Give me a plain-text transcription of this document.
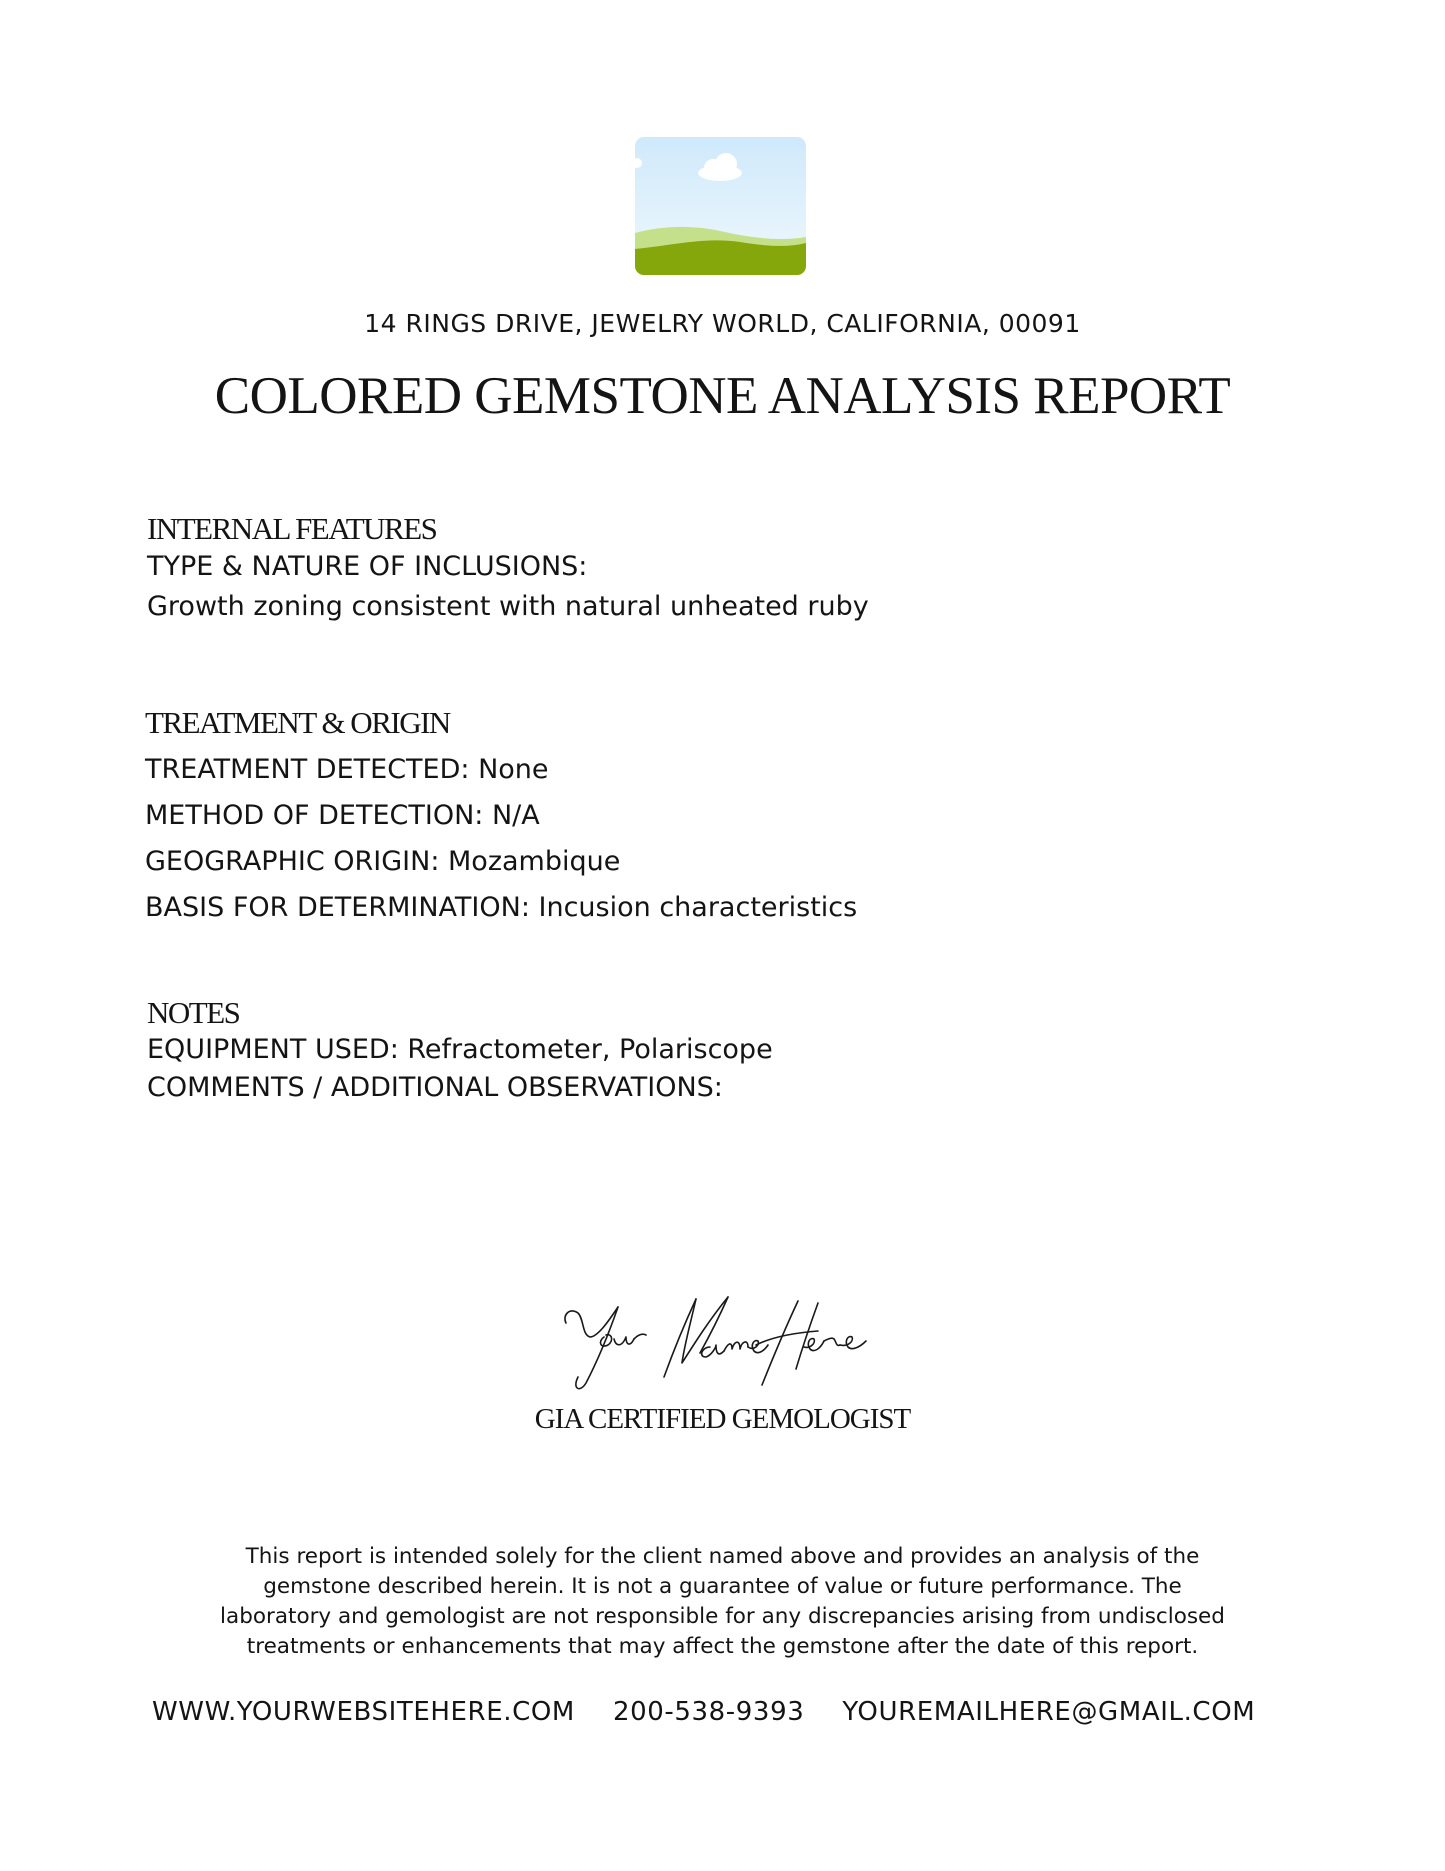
14 RINGS DRIVE, JEWELRY WORLD, CALIFORNIA, 00091
COLORED GEMSTONE ANALYSIS REPORT
INTERNAL FEATURES
TYPE & NATURE OF INCLUSIONS:
Growth zoning consistent with natural unheated ruby
TREATMENT & ORIGIN
TREATMENT DETECTED: None
METHOD OF DETECTION: N/A
GEOGRAPHIC ORIGIN: Mozambique
BASIS FOR DETERMINATION: Incusion characteristics
NOTES
EQUIPMENT USED: Refractometer, Polariscope
COMMENTS / ADDITIONAL OBSERVATIONS:
GIA CERTIFIED GEMOLOGIST
This report is intended solely for the client named above and provides an analysis of the
gemstone described herein. It is not a guarantee of value or future performance. The
laboratory and gemologist are not responsible for any discrepancies arising from undisclosed
treatments or enhancements that may affect the gemstone after the date of this report.
WWW.YOURWEBSITEHERE.COM 200-538-9393 YOUREMAILHERE@GMAIL.COM
